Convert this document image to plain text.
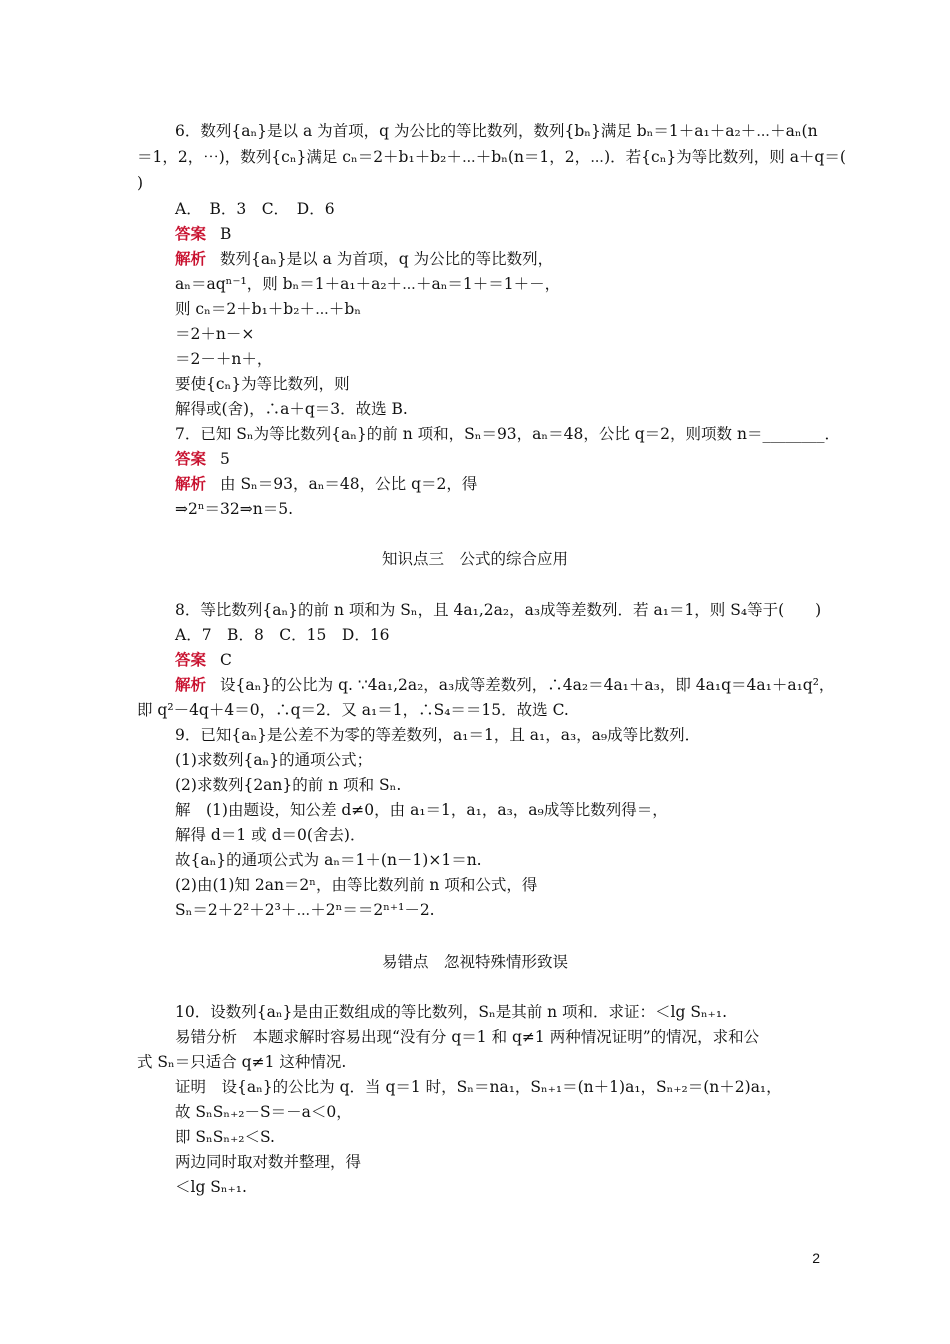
6．数列{aₙ}是以 a 为首项，q 为公比的等比数列，数列{bₙ}满足 bₙ＝1＋a₁＋a₂＋⋯＋aₙ(n
＝1，2，⋯)，数列{cₙ}满足 cₙ＝2＋b₁＋b₂＋⋯＋bₙ(n＝1，2，⋯)．若{cₙ}为等比数列，则 a＋q＝(
)
A．　B．3　C．　D．6
答案 B
解析 数列{aₙ}是以 a 为首项，q 为公比的等比数列，
aₙ＝aqⁿ⁻¹，则 bₙ＝1＋a₁＋a₂＋⋯＋aₙ＝1＋＝1＋－，
则 cₙ＝2＋b₁＋b₂＋⋯＋bₙ
＝2＋n－×
＝2－＋n＋，
要使{cₙ}为等比数列，则
解得或(舍)，∴a＋q＝3．故选 B.
7．已知 Sₙ为等比数列{aₙ}的前 n 项和，Sₙ＝93，aₙ＝48，公比 q＝2，则项数 n＝________．
答案 5
解析 由 Sₙ＝93，aₙ＝48，公比 q＝2，得
⇒2ⁿ＝32⇒n＝5.
知识点三　公式的综合应用
8．等比数列{aₙ}的前 n 项和为 Sₙ，且 4a₁,2a₂，a₃成等差数列．若 a₁＝1，则 S₄等于(　　)
A．7　B．8　C．15　D．16
答案 C
解析 设{aₙ}的公比为 q. ∵4a₁,2a₂，a₃成等差数列，∴4a₂＝4a₁＋a₃，即 4a₁q＝4a₁＋a₁q²，
即 q²－4q＋4＝0，∴q＝2．又 a₁＝1，∴S₄＝＝15．故选 C.
9．已知{aₙ}是公差不为零的等差数列，a₁＝1，且 a₁，a₃，a₉成等比数列．
(1)求数列{aₙ}的通项公式；
(2)求数列{2an}的前 n 项和 Sₙ.
解　(1)由题设，知公差 d≠0，由 a₁＝1，a₁，a₃，a₉成等比数列得＝，
解得 d＝1 或 d＝0(舍去)．
故{aₙ}的通项公式为 aₙ＝1＋(n－1)×1＝n.
(2)由(1)知 2an＝2ⁿ，由等比数列前 n 项和公式，得
Sₙ＝2＋2²＋2³＋⋯＋2ⁿ＝＝2ⁿ⁺¹－2.
易错点　忽视特殊情形致误
10．设数列{aₙ}是由正数组成的等比数列，Sₙ是其前 n 项和．求证：＜lg Sₙ₊₁.
易错分析　本题求解时容易出现“没有分 q＝1 和 q≠1 两种情况证明”的情况，求和公
式 Sₙ＝只适合 q≠1 这种情况.
证明　设{aₙ}的公比为 q．当 q＝1 时，Sₙ＝na₁，Sₙ₊₁＝(n＋1)a₁，Sₙ₊₂＝(n＋2)a₁，
故 SₙSₙ₊₂－S＝－a＜0，
即 SₙSₙ₊₂＜S.
两边同时取对数并整理，得
＜lg Sₙ₊₁.
2
